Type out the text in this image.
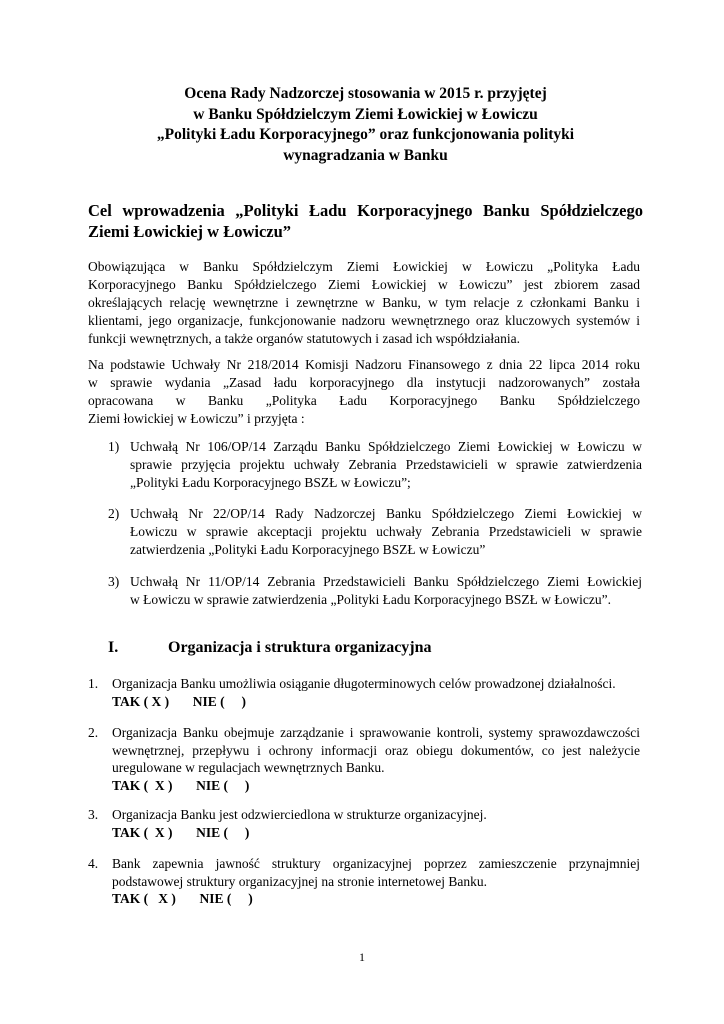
Ocena Rady Nadzorczej stosowania w 2015 r. przyjętej
w Banku Spółdzielczym Ziemi Łowickiej w Łowiczu
„Polityki Ładu Korporacyjnego” oraz funkcjonowania polityki
wynagradzania w Banku
Cel wprowadzenia „Polityki Ładu Korporacyjnego Banku Spółdzielczego
Ziemi Łowickiej w Łowiczu”
Obowiązująca w Banku Spółdzielczym Ziemi Łowickiej w Łowiczu „Polityka Ładu
Korporacyjnego Banku Spółdzielczego Ziemi Łowickiej w Łowiczu” jest zbiorem zasad
określających relację wewnętrzne i zewnętrzne w Banku, w tym relacje z członkami Banku i
klientami, jego organizacje, funkcjonowanie nadzoru wewnętrznego oraz kluczowych systemów i
funkcji wewnętrznych, a także organów statutowych i zasad ich współdziałania.
Na podstawie Uchwały Nr 218/2014 Komisji Nadzoru Finansowego z dnia 22 lipca 2014 roku
w sprawie wydania „Zasad ładu korporacyjnego dla instytucji nadzorowanych” została
opracowana w Banku „Polityka Ładu Korporacyjnego Banku Spółdzielczego
Ziemi łowickiej w Łowiczu” i przyjęta :
1) Uchwałą Nr 106/OP/14 Zarządu Banku Spółdzielczego Ziemi Łowickiej w Łowiczu w
sprawie przyjęcia projektu uchwały Zebrania Przedstawicieli w sprawie zatwierdzenia
„Polityki Ładu Korporacyjnego BSZŁ w Łowiczu”;
2) Uchwałą Nr 22/OP/14 Rady Nadzorczej Banku Spółdzielczego Ziemi Łowickiej w
Łowiczu w sprawie akceptacji projektu uchwały Zebrania Przedstawicieli w sprawie
zatwierdzenia „Polityki Ładu Korporacyjnego BSZŁ w Łowiczu”
3) Uchwałą Nr 11/OP/14 Zebrania Przedstawicieli Banku Spółdzielczego Ziemi Łowickiej
w Łowiczu w sprawie zatwierdzenia „Polityki Ładu Korporacyjnego BSZŁ w Łowiczu”.
I.	Organizacja i struktura organizacyjna
1. Organizacja Banku umożliwia osiąganie długoterminowych celów prowadzonej działalności.
TAK ( X )       NIE (     )
2. Organizacja Banku obejmuje zarządzanie i sprawowanie kontroli, systemy sprawozdawczości
wewnętrznej, przepływu i ochrony informacji oraz obiegu dokumentów, co jest należycie
uregulowane w regulacjach wewnętrznych Banku.
TAK (  X )       NIE (     )
3. Organizacja Banku jest odzwierciedlona w strukturze organizacyjnej.
TAK (  X )       NIE (     )
4. Bank zapewnia jawność struktury organizacyjnej poprzez zamieszczenie przynajmniej
podstawowej struktury organizacyjnej na stronie internetowej Banku.
TAK (   X )       NIE (     )
1
